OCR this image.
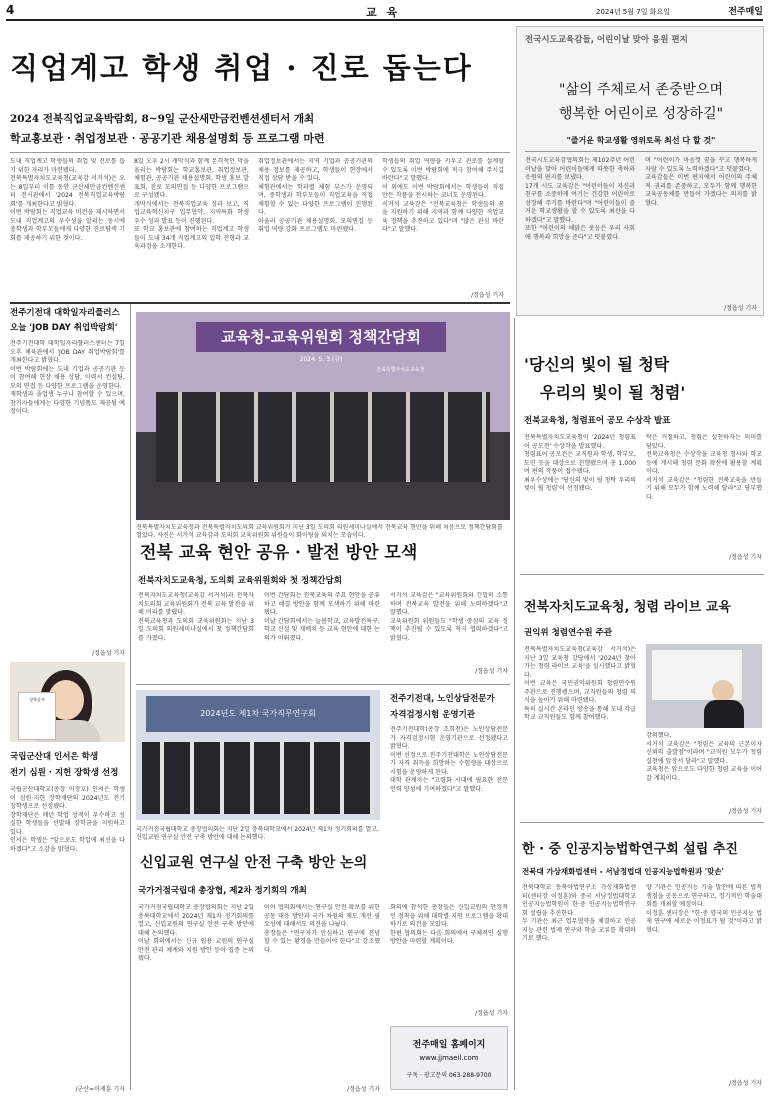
4	교 육	2024년 5월 7일 화요일	전주매일
직업계고 학생 취업 · 진로 돕는다
2024 전북직업교육박람회, 8~9일 군산새만금컨벤션센터서 개최
학교홍보관 · 취업정보관 · 공공기관 채용설명회 등 프로그램 마련
도내 직업계고 학생들의 취업 및 진로를 돕기 위한 자리가 마련됐다.
전북특별자치도교육청(교육감 서거석)은 오는 8일부터 이틀 동안 군산새만금컨벤션센터 전시관에서 '2024 전북직업교육박람회'를 개최한다고 밝혔다.
이번 박람회는 직업교육 비전을 제시하면서 도내 직업계고의 우수성을 알리는 동시에 중학생과 학부모들에게 다양한 진로탐색 기회를 제공하기 위한 것이다.
8일 오후 2시 개막식과 함께 본격적인 막을 올리는 박람회는 학교홍보관, 취업정보관, 체험관, 공공기관 채용설명회, 학생 홍보 발표회, 진로 모의면접 등 다양한 프로그램으로 구성됐다.
개막식에서는 전북직업교육 성과 보고, 직업교육혁신지구 업무협약, 지역특화 학생 우수 성과 발표 등이 진행된다.
또 학교 홍보관에 참여하는 직업계고 학생들이 도내 34개 직업계고의 입학 전형과 교육과정을 소개한다.
취업정보관에서는 지역 기업과 공공기관의 채용 정보를 제공하고, 학생들이 현장에서 직접 상담 받을 수 있다.
체험관에서는 학과별 체험 부스가 운영되며, 중학생과 학부모들이 직업교육을 직접 체험할 수 있는 다양한 프로그램이 진행된다.
아울러 공공기관 채용설명회, 모의면접 등 취업 역량 강화 프로그램도 마련됐다.
학생들의 취업 역량을 키우고 진로를 설계할 수 있도록 이번 박람회에 적극 참여해 주시길 바란다"고 말했다.
이 외에도 이번 박람회에서는 학생들이 직접 만든 작품을 전시하는 코너도 운영된다.
서거석 교육감은 "전북교육청은 학생들의 꿈을 지원하기 위해 지역과 함께 다양한 직업교육 정책을 추진하고 있다"며 "많은 관심 바란다"고 말했다.
/정읍성 기자
전국시도교육감들, 어린이날 맞아 응원 편지
"삶의 주체로서 존중받으며
행복한 어린이로 성장하길"
"즐거운 학교생활 영위토록 최선 다 할 것"
전국시도교육감협의회는 제102주년 어린이날을 맞아 어린이들에게 따뜻한 축하와 응원의 편지를 보냈다.
17개 시도 교육감은 "어린이들이 자신과 친구를 소중하게 여기는 건강한 어린이로 성장해 주기를 바란다"며 "어린이들이 즐거운 학교생활을 할 수 있도록 최선을 다하겠다"고 말했다.
또한 "어린이의 해맑은 웃음은 우리 사회에 행복과 희망을 준다"고 덧붙였다.
며 "어린이가 마음껏 꿈을 꾸고 행복하게 자랄 수 있도록 노력하겠다"고 덧붙였다.
교육감들은 이번 편지에서 어린이의 주체적 권리를 존중하고, 모두가 함께 행복한 교육공동체를 만들어 가겠다는 의지를 밝혔다.
/정읍성 기자
전주기전대 대학일자리플러스
오늘 'JOB DAY 취업박람회'
전주기전대학 대학일자리플러스센터는 7일 오후 체육관에서 'JOB DAY 취업박람회'를 개최한다고 밝혔다.
이번 박람회에는 도내 기업과 공공기관 등이 참여해 현장 채용 상담, 이력서 컨설팅, 모의 면접 등 다양한 프로그램을 운영한다.
재학생과 졸업생 누구나 참여할 수 있으며, 참가자들에게는 다양한 기념품도 제공될 예정이다.
/정읍성 기자
장학증서
국립군산대 인서은 학생
전기 심원 · 지헌 장학생 선정
국립군산대학교(총장 이장호) 인서은 학생이 심원·지헌 장학재단의 2024년도 전기 장학생으로 선정됐다.
장학재단은 매년 학업 성적이 우수하고 성실한 학생들을 선발해 장학금을 지원하고 있다.
인서은 학생은 "앞으로도 학업에 최선을 다하겠다"고 소감을 밝혔다.
/군산=이재훈 기자
교육청-교육위원회 정책간담회
2024. 5. 3.(금)
전북특별자치도교육청
전북특별자치도교육청과 전북특별자치도의회 교육위원회가 지난 3일 도의회 의원세미나실에서 전북교육 현안을 위해 처음으로 정책간담회를 열었다. 사진은 서거석 교육감과 도의회 교육위원회 위원들이 화이팅을 외치는 모습이다.
전북 교육 현안 공유 · 발전 방안 모색
전북자치도교육청, 도의회 교육위원회와 첫 정책간담회
전북자치도교육청(교육감 서거석)과 전북자치도의회 교육위원회가 전북 교육 발전을 위해 머리를 맞댔다.
전북교육청과 도의회 교육위원회는 지난 3일 도의회 의원세미나실에서 첫 정책간담회를 가졌다.
이번 간담회는 전북교육의 주요 현안을 공유하고 해결 방안을 함께 모색하기 위해 마련됐다.
이날 간담회에서는 늘봄학교, 교육발전특구, 학교 신설 및 재배치 등 교육 현안에 대한 논의가 이뤄졌다.
서거석 교육감은 "교육위원회와 긴밀히 소통하며 전북교육 발전을 위해 노력하겠다"고 말했다.
교육위원회 위원들도 "학생 중심의 교육 정책이 추진될 수 있도록 적극 협력하겠다"고 밝혔다.
/정읍성 기자
2024년도 제1차 국가직무연구회
국가거점국립대학교 총장협의회는 지난 2일 충북대학교에서 2024년 제1차 정기회의를 열고, 신입교원 연구실 안전 구축 방안에 대해 논의했다.
신입교원 연구실 안전 구축 방안 논의
국가거점국립대 총장협, 제2차 정기회의 개최
국가거점국립대학교 총장협의회는 지난 2일 충북대학교에서 2024년 제1차 정기회의를 열고, 신입교원의 연구실 안전 구축 방안에 대해 논의했다.
이날 회의에서는 신규 임용 교원의 연구실 안전 관리 체계와 지원 방안 등이 집중 논의됐다.
이어 협의회에서는 연구실 안전 확보를 위한 공동 대응 방안과 국가 차원의 제도 개선 필요성에 대해서도 의견을 나눴다.
총장들은 "연구자가 안심하고 연구에 전념할 수 있는 환경을 만들어야 한다"고 강조했다.
회의에 참석한 총장들은 신입교원의 안정적인 정착을 위해 대학별 지원 프로그램을 확대하기로 의견을 모았다.
한편 협의회는 다음 회의에서 구체적인 실행 방안을 마련할 계획이다.
/정읍성 기자
전주기전대, 노인상담전문가
자격검정시험 운영기관
전주기전대학(총장 조희천)은 노인상담전문가 자격검정시험 운영기관으로 선정됐다고 밝혔다.
이번 선정으로 전주기전대학은 노인상담전문가 자격 취득을 희망하는 수험생을 대상으로 시험을 운영하게 된다.
대학 관계자는 "고령화 시대에 필요한 전문 인력 양성에 기여하겠다"고 말했다.
/정읍성 기자
전주매일 홈페이지
www.jjmaeil.com
구독 · 광고문의 063-288-9700
'당신의 빛이 될 청탁
우리의 빛이 될 청렴'
전북교육청, 청렴표어 공모 수상작 발표
전북특별자치도교육청이 '2024년 청렴표어 공모전' 수상작을 발표했다.
청렴표어 공모전은 교직원과 학생, 학부모, 도민 등을 대상으로 진행됐으며 총 1,000여 편의 작품이 접수됐다.
최우수상에는 '당신의 빛이 될 청탁 우리의 빛이 될 청렴'이 선정됐다.
탁은 거절하고, 청렴은 실천하자는 의미를 담았다.
전북교육청은 수상작을 교육청 청사와 학교 등에 게시해 청렴 문화 확산에 활용할 계획이다.
서거석 교육감은 "청렴한 전북교육을 만들기 위해 모두가 함께 노력해 달라"고 당부했다.
/정읍성 기자
전북자치도교육청, 청렴 라이브 교육
권익위 청렴연수원 주관
전북특별자치도교육청(교육감 서거석)은 지난 3일 교육청 강당에서 '2024년 찾아가는 청렴 라이브 교육'을 실시했다고 밝혔다.
이번 교육은 국민권익위원회 청렴연수원 주관으로 진행됐으며, 교직원들의 청렴 의식을 높이기 위해 마련됐다.
특히 실시간 온라인 방송을 통해 도내 각급 학교 교직원들도 함께 참여했다.
강의했다.
서거석 교육감은 "청렴은 교육의 근본이자 신뢰의 출발점"이라며 "교직원 모두가 청렴 실천에 앞장서 달라"고 말했다.
교육청은 앞으로도 다양한 청렴 교육을 이어갈 계획이다.
/정읍성 기자
한 · 중 인공지능법학연구회 설립 추진
전북대 가상재화법센터 - 서남정법대 인공지능법학원과 '맞손'
전북대학교 동북아법연구소 가상재화법센터(센터장 이정훈)와 중국 서남정법대학교 인공지능법학원이 한·중 인공지능법학연구회 설립을 추진한다.
두 기관은 최근 업무협약을 체결하고 인공지능 관련 법제 연구와 학술 교류를 확대하기로 했다.
양 기관은 인공지능 기술 발전에 따른 법적 쟁점을 공동으로 연구하고, 정기적인 학술대회를 개최할 예정이다.
이정훈 센터장은 "한·중 양국의 인공지능 법제 연구에 새로운 이정표가 될 것"이라고 밝혔다.
/정읍성 기자
